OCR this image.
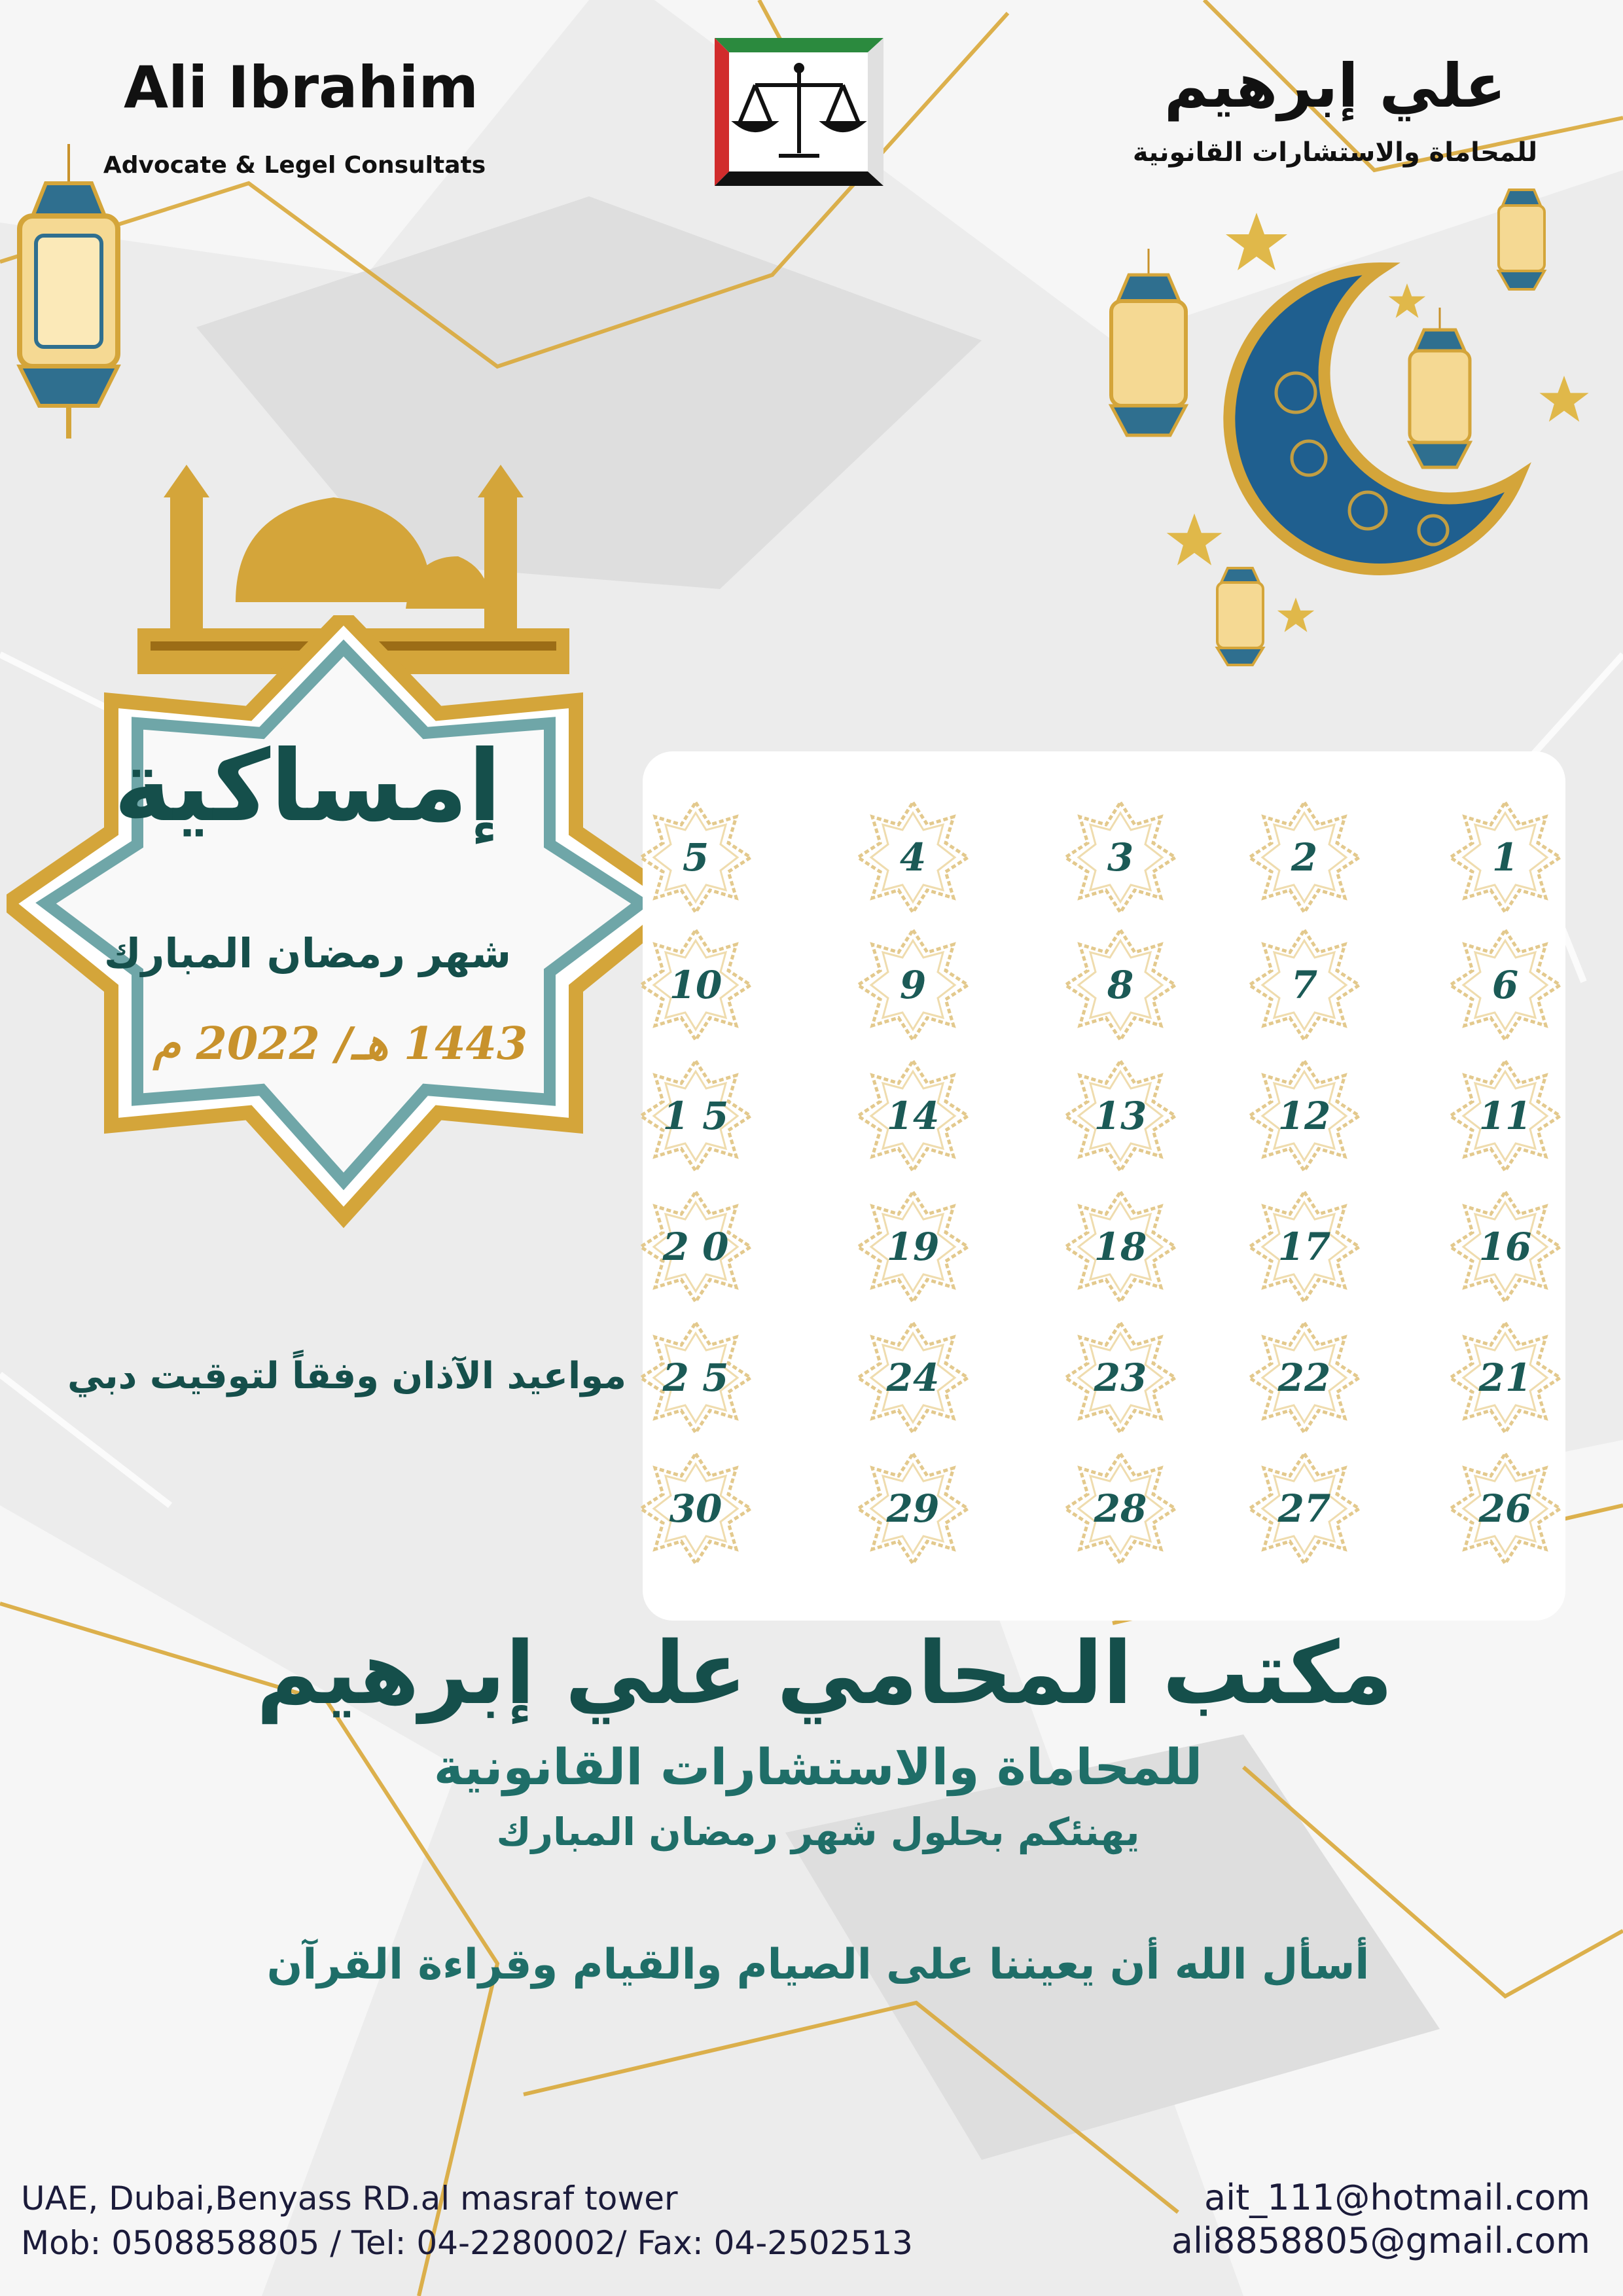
Ali Ibrahim
Advocate & Legel Consultats
علي إبرهيم
للمحاماة والاستشارات القانونية
إمساكية
شهر رمضان المبارك
1443 هـ/ 2022 م
مواعيد الآذان وفقاً لتوقيت دبي
1
2
3
4
5
6
7
8
9
10
11
12
13
14
1 5
16
17
18
19
2 0
21
22
23
24
2 5
26
27
28
29
30
مكتب المحامي علي إبرهيم
للمحاماة والاستشارات القانونية
يهنئكم بحلول شهر رمضان المبارك
أسأل الله أن يعيننا على الصيام والقيام وقراءة القرآن
UAE, Dubai,Benyass RD.al masraf tower
Mob: 0508858805 / Tel: 04-2280002/ Fax: 04-2502513
ait_111@hotmail.com
ali8858805@gmail.com
